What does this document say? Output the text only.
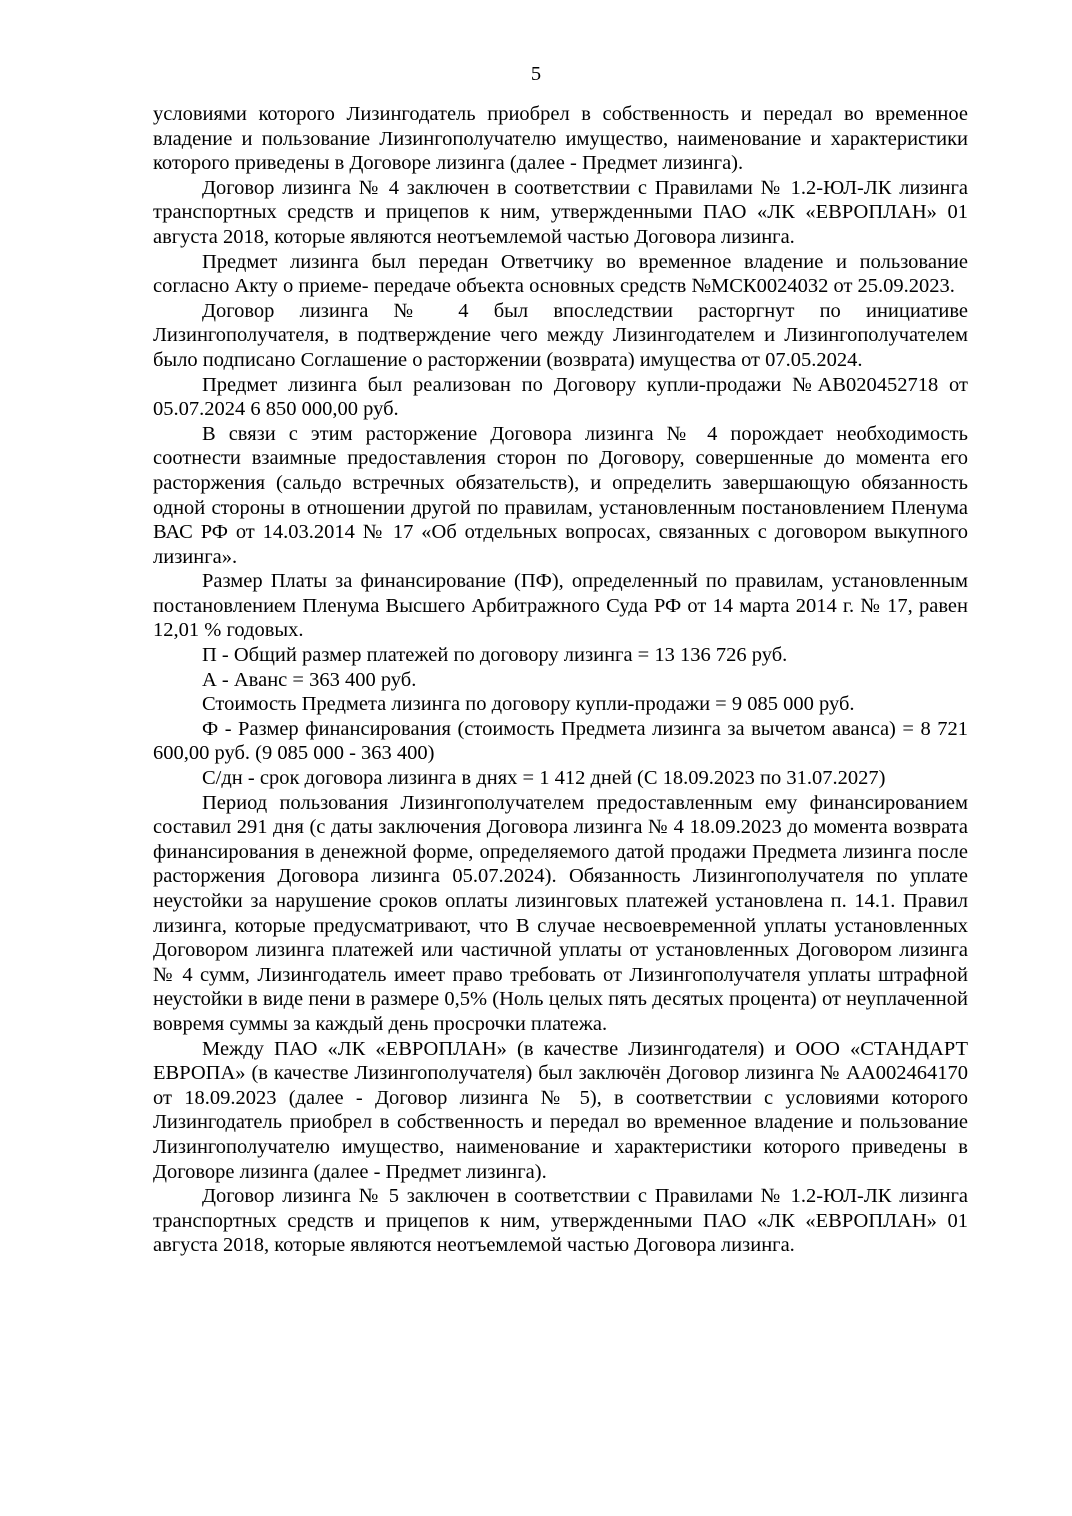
5

условиями которого Лизингодатель приобрел в собственность и передал во временное владение и пользование Лизингополучателю имущество, наименование и характеристики которого приведены в Договоре лизинга (далее - Предмет лизинга).

Договор лизинга № 4 заключен в соответствии с Правилами № 1.2-ЮЛ-ЛК лизинга транспортных средств и прицепов к ним, утвержденными ПАО «ЛК «ЕВРОПЛАН» 01 августа 2018, которые являются неотъемлемой частью Договора лизинга.

Предмет лизинга был передан Ответчику во временное владение и пользование согласно Акту о приеме- передаче объекта основных средств №МСК0024032 от 25.09.2023.

Договор лизинга № 4 был впоследствии расторгнут по инициативе Лизингополучателя, в подтверждение чего между Лизингодателем и Лизингополучателем было подписано Соглашение о расторжении (возврата) имущества от 07.05.2024.

Предмет лизинга был реализован по Договору купли-продажи №АВ020452718 от 05.07.2024 6 850 000,00 руб.

В связи с этим расторжение Договора лизинга № 4 порождает необходимость соотнести взаимные предоставления сторон по Договору, совершенные до момента его расторжения (сальдо встречных обязательств), и определить завершающую обязанность одной стороны в отношении другой по правилам, установленным постановлением Пленума ВАС РФ от 14.03.2014 № 17 «Об отдельных вопросах, связанных с договором выкупного лизинга».

Размер Платы за финансирование (ПФ), определенный по правилам, установленным постановлением Пленума Высшего Арбитражного Суда РФ от 14 марта 2014 г. № 17, равен 12,01 % годовых.

П - Общий размер платежей по договору лизинга = 13 136 726 руб.

А - Аванс = 363 400 руб.

Стоимость Предмета лизинга по договору купли-продажи = 9 085 000 руб.

Ф - Размер финансирования (стоимость Предмета лизинга за вычетом аванса) = 8 721 600,00 руб. (9 085 000 - 363 400)

С/дн - срок договора лизинга в днях = 1 412 дней (С 18.09.2023 по 31.07.2027)

Период пользования Лизингополучателем предоставленным ему финансированием составил 291 дня (с даты заключения Договора лизинга № 4 18.09.2023 до момента возврата финансирования в денежной форме, определяемого датой продажи Предмета лизинга после расторжения Договора лизинга 05.07.2024). Обязанность Лизингополучателя по уплате неустойки за нарушение сроков оплаты лизинговых платежей установлена п. 14.1. Правил лизинга, которые предусматривают, что В случае несвоевременной уплаты установленных Договором лизинга платежей или частичной уплаты от установленных Договором лизинга № 4 сумм, Лизингодатель имеет право требовать от Лизингополучателя уплаты штрафной неустойки в виде пени в размере 0,5% (Ноль целых пять десятых процента) от неуплаченной вовремя суммы за каждый день просрочки платежа.

Между ПАО «ЛК «ЕВРОПЛАН» (в качестве Лизингодателя) и ООО «СТАНДАРТ ЕВРОПА» (в качестве Лизингополучателя) был заключён Договор лизинга № АА002464170 от 18.09.2023 (далее - Договор лизинга № 5), в соответствии с условиями которого Лизингодатель приобрел в собственность и передал во временное владение и пользование Лизингополучателю имущество, наименование и характеристики которого приведены в Договоре лизинга (далее - Предмет лизинга).

Договор лизинга № 5 заключен в соответствии с Правилами № 1.2-ЮЛ-ЛК лизинга транспортных средств и прицепов к ним, утвержденными ПАО «ЛК «ЕВРОПЛАН» 01 августа 2018, которые являются неотъемлемой частью Договора лизинга.
